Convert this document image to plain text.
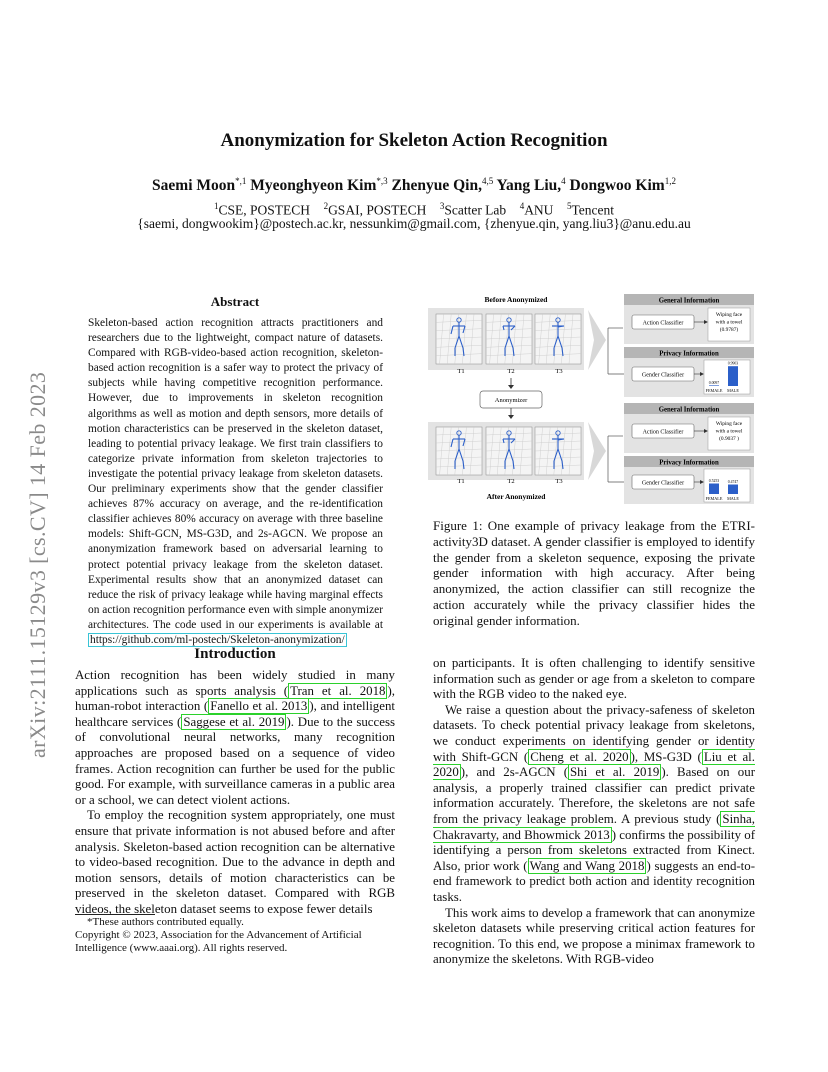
arXiv:2111.15129v3 [cs.CV] 14 Feb 2023
Anonymization for Skeleton Action Recognition
Saemi Moon$^{*,1}$ Myeonghyeon Kim$^{*,3}$ Zhenyue Qin,$^{4,5}$ Yang Liu,$^4$ Dongwoo Kim$^{1,2}$
$^1$CSE, POSTECH $^2$GSAI, POSTECH $^3$Scatter Lab $^4$ANU $^5$Tencent
{saemi, dongwookim}@postech.ac.kr, nessunkim@gmail.com, {zhenyue.qin, yang.liu3}@anu.edu.au
Abstract
Skeleton-based action recognition attracts practitioners and researchers due to the lightweight, compact nature of datasets. Compared with RGB-video-based action recognition, skeleton-based action recognition is a safer way to protect the privacy of subjects while having competitive recognition performance. However, due to improvements in skeleton recognition algorithms as well as motion and depth sensors, more details of motion characteristics can be preserved in the skeleton dataset, leading to potential privacy leakage. We first train classifiers to categorize private information from skeleton trajectories to investigate the potential privacy leakage from skeleton datasets. Our preliminary experiments show that the gender classifier achieves 87% accuracy on average, and the re-identification classifier achieves 80% accuracy on average with three baseline models: Shift-GCN, MS-G3D, and 2s-AGCN. We propose an anonymization framework based on adversarial learning to protect potential privacy leakage from the skeleton dataset. Experimental results show that an anonymized dataset can reduce the risk of privacy leakage while having marginal effects on action recognition performance even with simple anonymizer architectures. The code used in our experiments is available at https://github.com/ml-postech/Skeleton-anonymization/
Introduction

Action recognition has been widely studied in many applications such as sports analysis ( Tran et al. 2018 ), human-robot interaction ( Fanello et al. 2013 ), and intelligent healthcare services ( Saggese et al. 2019 ). Due to the success of convolutional neural networks, many recognition approaches are proposed based on a sequence of video frames. Action recognition can further be used for the public good. For example, with surveillance cameras in a public area or a school, we can detect violent actions.

To employ the recognition system appropriately, one must ensure that private information is not abused before and after analysis. Skeleton-based action recognition can be alternative to video-based recognition. Due to the advance in depth and motion sensors, details of motion characteristics can be preserved in the skeleton dataset. Compared with RGB videos, the skeleton dataset seems to expose fewer details

*These authors contributed equally.
Copyright © 2023, Association for the Advancement of Artificial Intelligence (www.aaai.org). All rights reserved.
Before Anonymized
T1	T2	T3
Anonymizer
T1	T2	T3
After Anonymized
General Information
Action Classifier
Wiping face with a towel (0.9787)
Privacy Information
Gender Classifier
0.0097
0.9903
FEMALE MALE
General Information
Action Classifier
Wiping face with a towel (0.9037 )
Privacy Information
Gender Classifier	0.5253 0.4747
FEMALE MALE
Figure 1: One example of privacy leakage from the ETRI-activity3D dataset. A gender classifier is employed to identify the gender from a skeleton sequence, exposing the private gender information with high accuracy. After being anonymized, the action classifier can still recognize the action accurately while the privacy classifier hides the original gender information.

on participants. It is often challenging to identify sensitive information such as gender or age from a skeleton to compare with the RGB video to the naked eye.

We raise a question about the privacy-safeness of skeleton datasets. To check potential privacy leakage from skeletons, we conduct experiments on identifying gender or identity with Shift-GCN ( Cheng et al. 2020 ), MS-G3D ( Liu et al. 2020 ), and 2s-AGCN ( Shi et al. 2019 ). Based on our analysis, a properly trained classifier can predict private information accurately. Therefore, the skeletons are not safe from the privacy leakage problem. A previous study ( Sinha, Chakravarty, and Bhowmick 2013 ) confirms the possibility of identifying a person from skeletons extracted from Kinect. Also, prior work ( Wang and Wang 2018 ) suggests an end-to-end framework to predict both action and identity recognition tasks.

This work aims to develop a framework that can anonymize skeleton datasets while preserving critical action features for recognition. To this end, we propose a minimax framework to anonymize the skeletons. With RGB-video
